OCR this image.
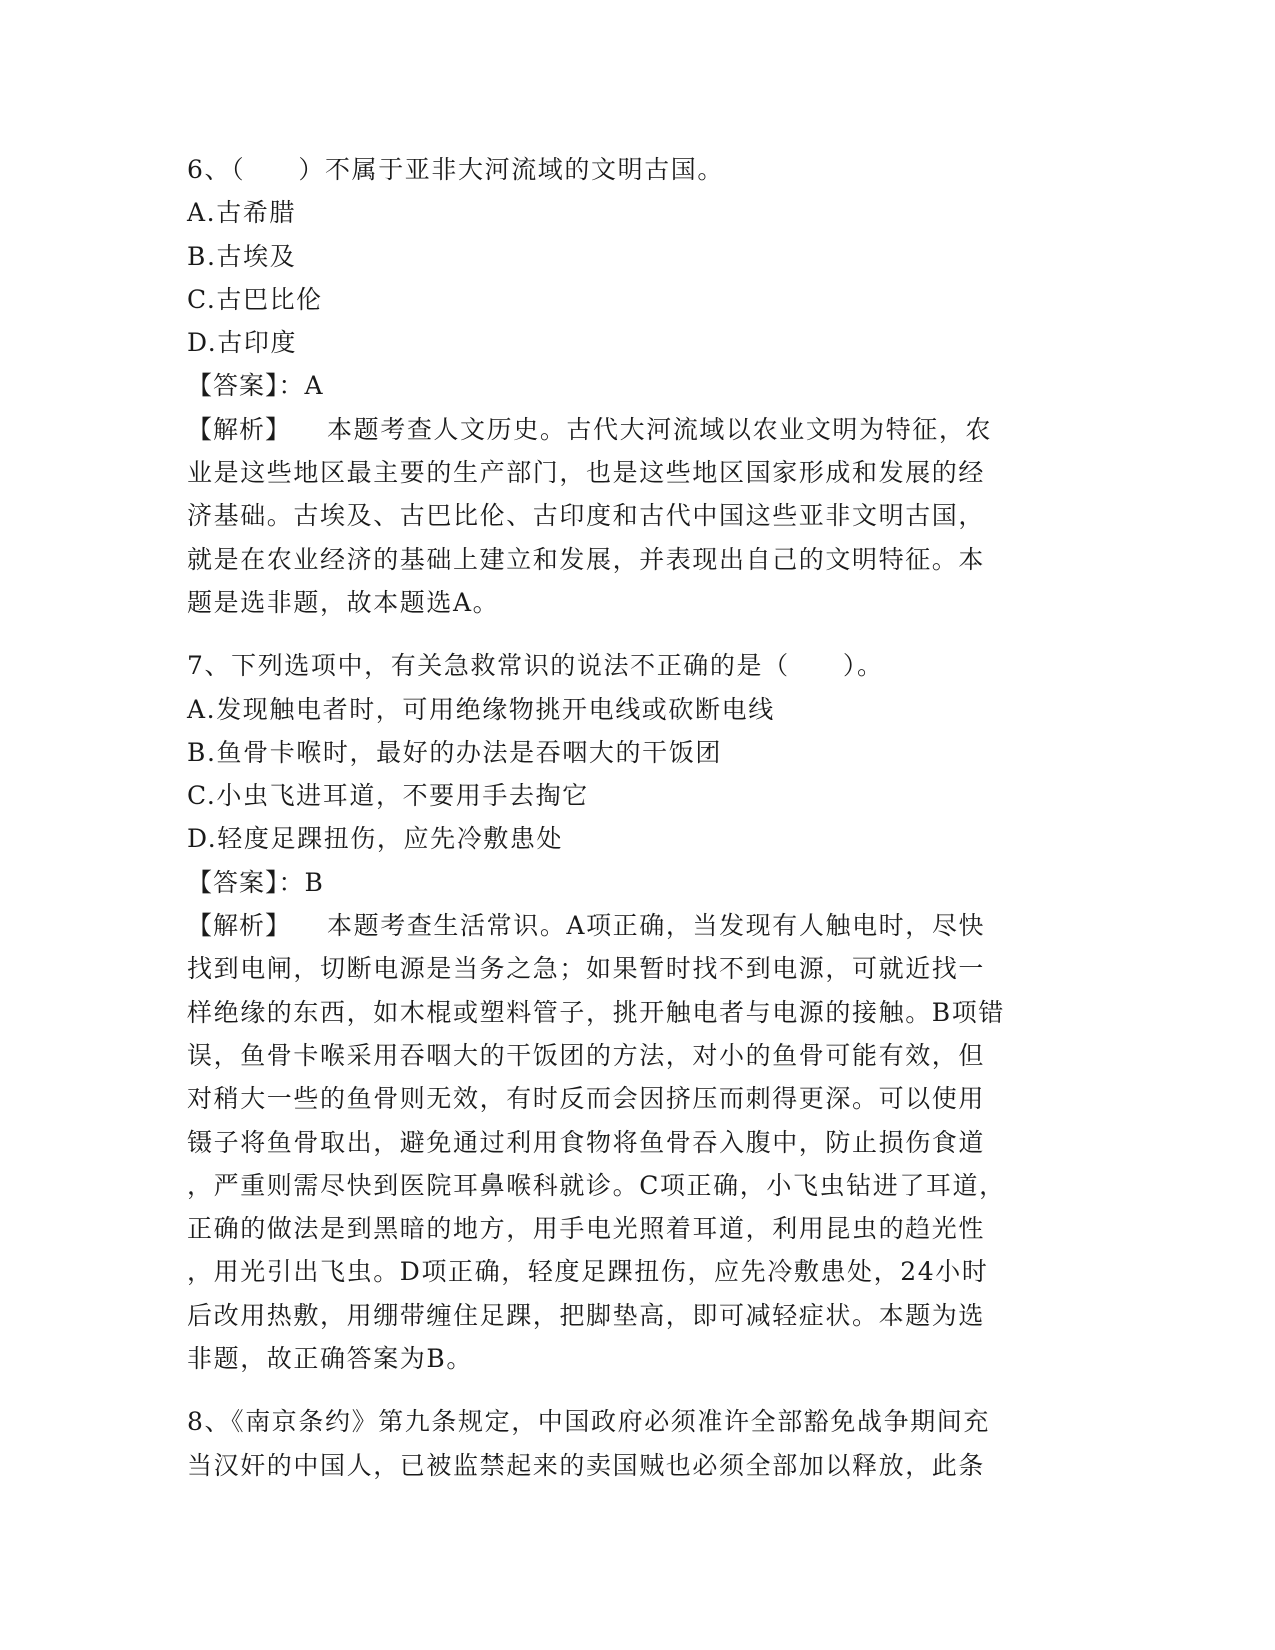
6、（　　）不属于亚非大河流域的文明古国。
A.古希腊
B.古埃及
C.古巴比伦
D.古印度
【答案】：A
【解析】 本题考查人文历史。古代大河流域以农业文明为特征，农
业是这些地区最主要的生产部门，也是这些地区国家形成和发展的经
济基础。古埃及、古巴比伦、古印度和古代中国这些亚非文明古国，
就是在农业经济的基础上建立和发展，并表现出自己的文明特征。本
题是选非题，故本题选A。
7、下列选项中，有关急救常识的说法不正确的是（　　）。
A.发现触电者时，可用绝缘物挑开电线或砍断电线
B.鱼骨卡喉时，最好的办法是吞咽大的干饭团
C.小虫飞进耳道，不要用手去掏它
D.轻度足踝扭伤，应先冷敷患处
【答案】：B
【解析】 本题考查生活常识。A项正确，当发现有人触电时，尽快
找到电闸，切断电源是当务之急；如果暂时找不到电源，可就近找一
样绝缘的东西，如木棍或塑料管子，挑开触电者与电源的接触。B项错
误，鱼骨卡喉采用吞咽大的干饭团的方法，对小的鱼骨可能有效，但
对稍大一些的鱼骨则无效，有时反而会因挤压而刺得更深。可以使用
镊子将鱼骨取出，避免通过利用食物将鱼骨吞入腹中，防止损伤食道
，严重则需尽快到医院耳鼻喉科就诊。C项正确，小飞虫钻进了耳道，
正确的做法是到黑暗的地方，用手电光照着耳道，利用昆虫的趋光性
，用光引出飞虫。D项正确，轻度足踝扭伤，应先冷敷患处，24小时
后改用热敷，用绷带缠住足踝，把脚垫高，即可减轻症状。本题为选
非题，故正确答案为B。
8、《南京条约》第九条规定，中国政府必须准许全部豁免战争期间充
当汉奸的中国人，已被监禁起来的卖国贼也必须全部加以释放，此条
